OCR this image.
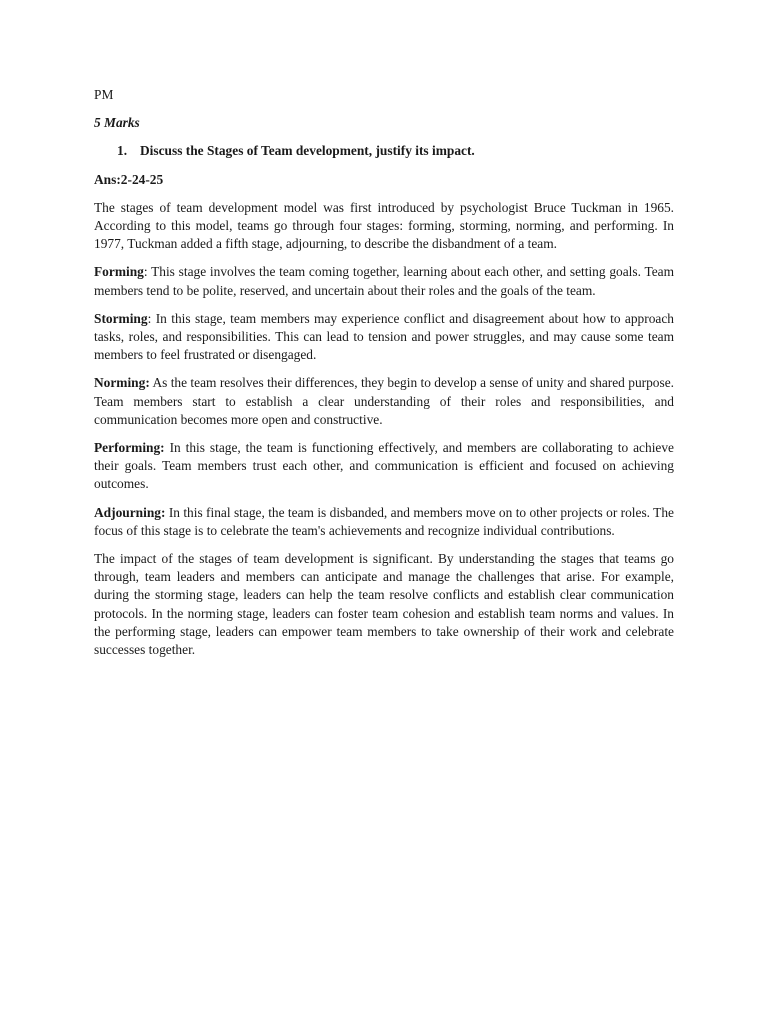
PM

5 Marks

1. Discuss the Stages of Team development, justify its impact.

Ans:2-24-25

The stages of team development model was first introduced by psychologist Bruce Tuckman in 1965. According to this model, teams go through four stages: forming, storming, norming, and performing. In 1977, Tuckman added a fifth stage, adjourning, to describe the disbandment of a team.

Forming: This stage involves the team coming together, learning about each other, and setting goals. Team members tend to be polite, reserved, and uncertain about their roles and the goals of the team.

Storming: In this stage, team members may experience conflict and disagreement about how to approach tasks, roles, and responsibilities. This can lead to tension and power struggles, and may cause some team members to feel frustrated or disengaged.

Norming: As the team resolves their differences, they begin to develop a sense of unity and shared purpose. Team members start to establish a clear understanding of their roles and responsibilities, and communication becomes more open and constructive.

Performing: In this stage, the team is functioning effectively, and members are collaborating to achieve their goals. Team members trust each other, and communication is efficient and focused on achieving outcomes.

Adjourning: In this final stage, the team is disbanded, and members move on to other projects or roles. The focus of this stage is to celebrate the team's achievements and recognize individual contributions.

The impact of the stages of team development is significant. By understanding the stages that teams go through, team leaders and members can anticipate and manage the challenges that arise. For example, during the storming stage, leaders can help the team resolve conflicts and establish clear communication protocols. In the norming stage, leaders can foster team cohesion and establish team norms and values. In the performing stage, leaders can empower team members to take ownership of their work and celebrate successes together.
